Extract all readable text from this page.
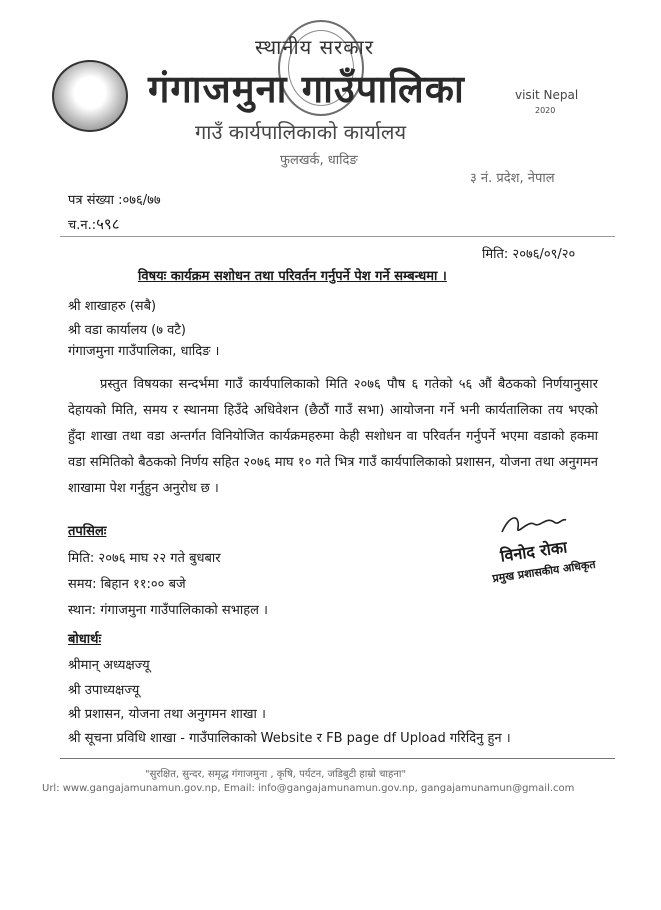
स्थानीय सरकार
गंगाजमुना गाउँपालिका
गाउँ कार्यपालिकाको कार्यालय
फुलखर्क, धादिङ
३ नं. प्रदेश, नेपाल
visit Nepal
2020
पत्र संख्या :०७६/७७
च.न.:५९८
मिति: २०७६/०९/२०
विषयः कार्यक्रम सशोधन तथा परिवर्तन गर्नुपर्ने पेश गर्ने सम्बन्धमा ।
श्री शाखाहरु (सबै)
श्री वडा कार्यालय (७ वटै)
गंगाजमुना गाउँपालिका, धादिङ ।
प्रस्तुत विषयका सन्दर्भमा गाउँ कार्यपालिकाको मिति २०७६ पौष ६ गतेको ५६ औं बैठकको निर्णयानुसार देहायको मिति, समय र स्थानमा हिउँदे अधिवेशन (छैठौं गाउँ सभा) आयोजना गर्ने भनी कार्यतालिका तय भएको हुँदा शाखा तथा वडा अन्तर्गत विनियोजित कार्यक्रमहरुमा केही सशोधन वा परिवर्तन गर्नुपर्ने भएमा वडाको हकमा वडा समितिको बैठकको निर्णय सहित २०७६ माघ १० गते भित्र गाउँ कार्यपालिकाको प्रशासन, योजना तथा अनुगमन शाखामा पेश गर्नुहुन अनुरोध छ ।
तपसिलः
मिति: २०७६ माघ २२ गते बुधबार
समय: बिहान ११:०० बजे
स्थान: गंगाजमुना गाउँपालिकाको सभाहल ।
विनोद रोका
प्रमुख प्रशासकीय अधिकृत
बोधार्थः
श्रीमान् अध्यक्षज्यू
श्री उपाध्यक्षज्यू
श्री प्रशासन, योजना तथा अनुगमन शाखा ।
श्री सूचना प्रविधि शाखा - गाउँपालिकाको Website र FB page df Upload गरिदिनु हुन ।
"सुरक्षित, सुन्दर, समृद्ध गंगाजमुना , कृषि, पर्यटन, जडिबुटी हाम्रो चाहना"
Url: www.gangajamunamun.gov.np, Email: info@gangajamunamun.gov.np, gangajamunamun@gmail.com
